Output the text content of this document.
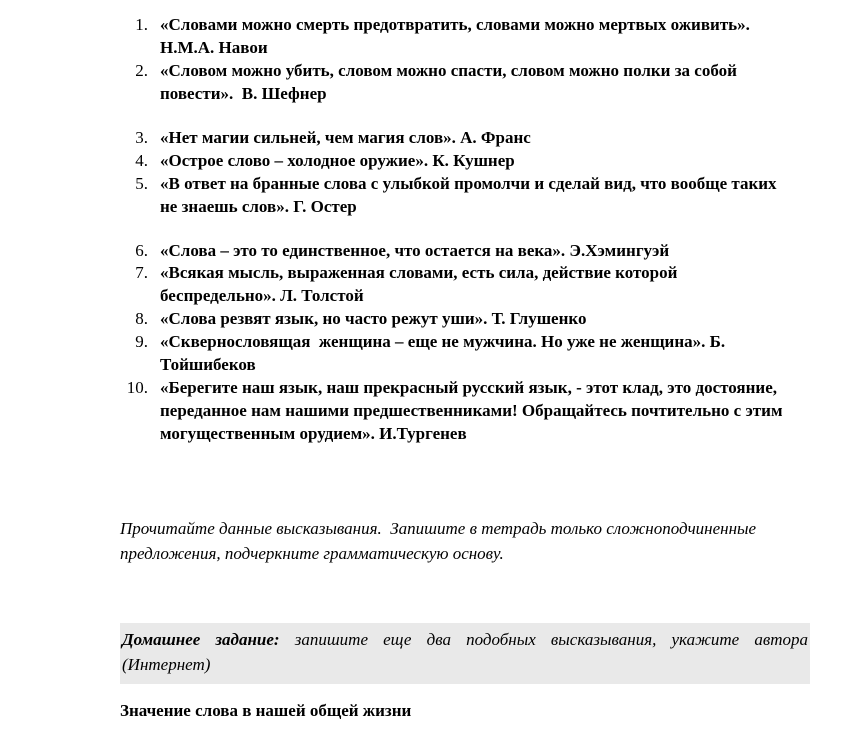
1. «Словами можно смерть предотвратить, словами можно мертвых оживить». Н.М.А. Навои
2. «Словом можно убить, словом можно спасти, словом можно полки за собой повести».  В. Шефнер
3. «Нет магии сильней, чем магия слов». А. Франс
4. «Острое слово – холодное оружие». К. Кушнер
5. «В ответ на бранные слова с улыбкой промолчи и сделай вид, что вообще таких не знаешь слов». Г. Остер
6. «Слова – это то единственное, что остается на века». Э.Хэмингуэй
7. «Всякая мысль, выраженная словами, есть сила, действие которой беспредельно». Л. Толстой
8. «Слова резвят язык, но часто режут уши». Т. Глушенко
9. «Сквернословящая  женщина – еще не мужчина. Но уже не женщина». Б. Тойшибеков
10. «Берегите наш язык, наш прекрасный русский язык, - этот клад, это достояние, переданное нам нашими предшественниками! Обращайтесь почтительно с этим могущественным орудием». И.Тургенев

Прочитайте данные высказывания.  Запишите в тетрадь только сложноподчиненные предложения, подчеркните грамматическую основу.

Домашнее задание: запишите еще два подобных высказывания, укажите автора (Интернет)
Значение слова в нашей общей жизни
